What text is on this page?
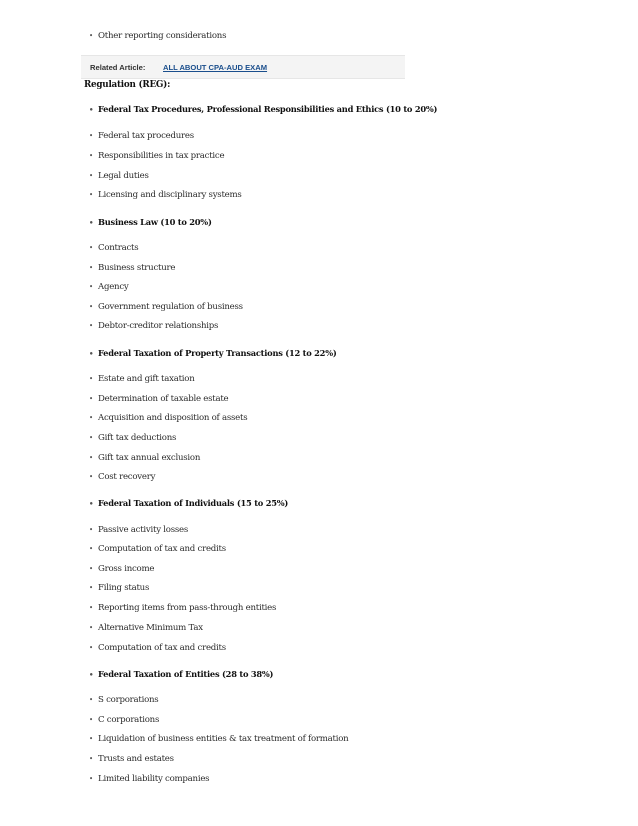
• Other reporting considerations
Related Article: ALL ABOUT CPA-AUD EXAM
Regulation (REG):
• Federal Tax Procedures, Professional Responsibilities and Ethics (10 to 20%)
• Federal tax procedures
• Responsibilities in tax practice
• Legal duties
• Licensing and disciplinary systems
• Business Law (10 to 20%)
• Contracts
• Business structure
• Agency
• Government regulation of business
• Debtor-creditor relationships
• Federal Taxation of Property Transactions (12 to 22%)
• Estate and gift taxation
• Determination of taxable estate
• Acquisition and disposition of assets
• Gift tax deductions
• Gift tax annual exclusion
• Cost recovery
• Federal Taxation of Individuals (15 to 25%)
• Passive activity losses
• Computation of tax and credits
• Gross income
• Filing status
• Reporting items from pass-through entities
• Alternative Minimum Tax
• Computation of tax and credits
• Federal Taxation of Entities (28 to 38%)
• S corporations
• C corporations
• Liquidation of business entities & tax treatment of formation
• Trusts and estates
• Limited liability companies
